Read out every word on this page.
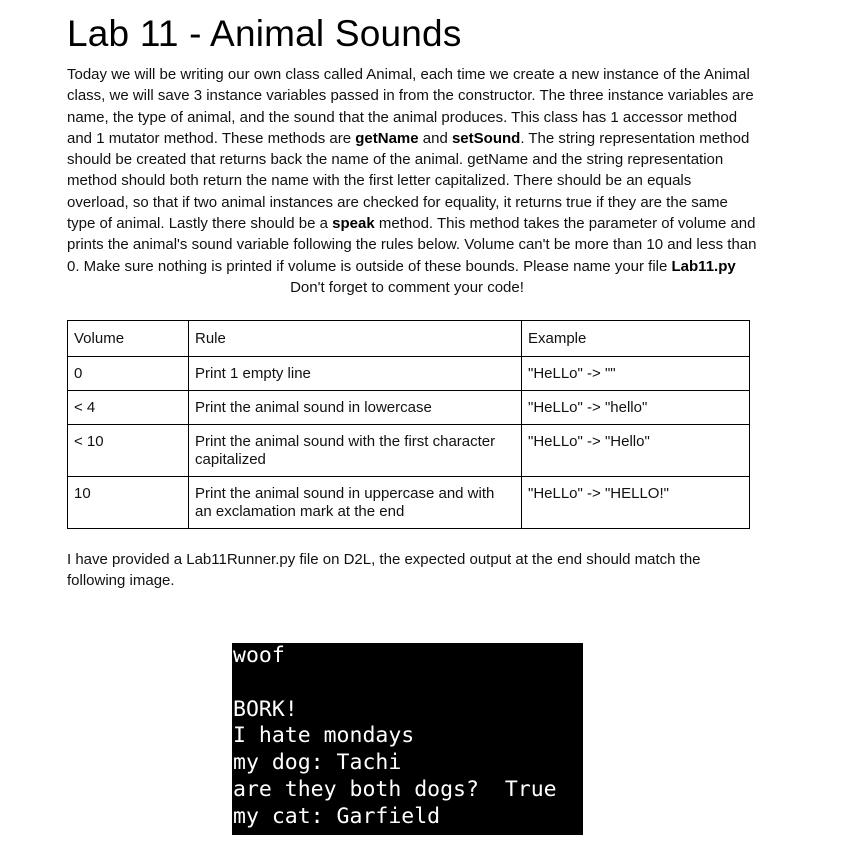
Lab 11 - Animal Sounds

Today we will be writing our own class called Animal, each time we create a new instance of the Animal class, we will save 3 instance variables passed in from the constructor. The three instance variables are name, the type of animal, and the sound that the animal produces. This class has 1 accessor method and 1 mutator method. These methods are getName and setSound. The string representation method should be created that returns back the name of the animal. getName and the string representation method should both return the name with the first letter capitalized. There should be an equals overload, so that if two animal instances are checked for equality, it returns true if they are the same type of animal. Lastly there should be a speak method. This method takes the parameter of volume and prints the animal's sound variable following the rules below. Volume can't be more than 10 and less than 0. Make sure nothing is printed if volume is outside of these bounds. Please name your file Lab11.py

Don't forget to comment your code!

Volume	Rule	Example
0	Print 1 empty line	"HeLLo" -> ""
< 4	Print the animal sound in lowercase	"HeLLo" -> "hello"
< 10	Print the animal sound with the first character capitalized	"HeLLo" -> "Hello"
10	Print the animal sound in uppercase and with an exclamation mark at the end	"HeLLo" -> "HELLO!"

I have provided a Lab11Runner.py file on D2L, the expected output at the end should match the following image.

woof
BORK!
I hate mondays
my dog: Tachi
are they both dogs?  True
my cat: Garfield
